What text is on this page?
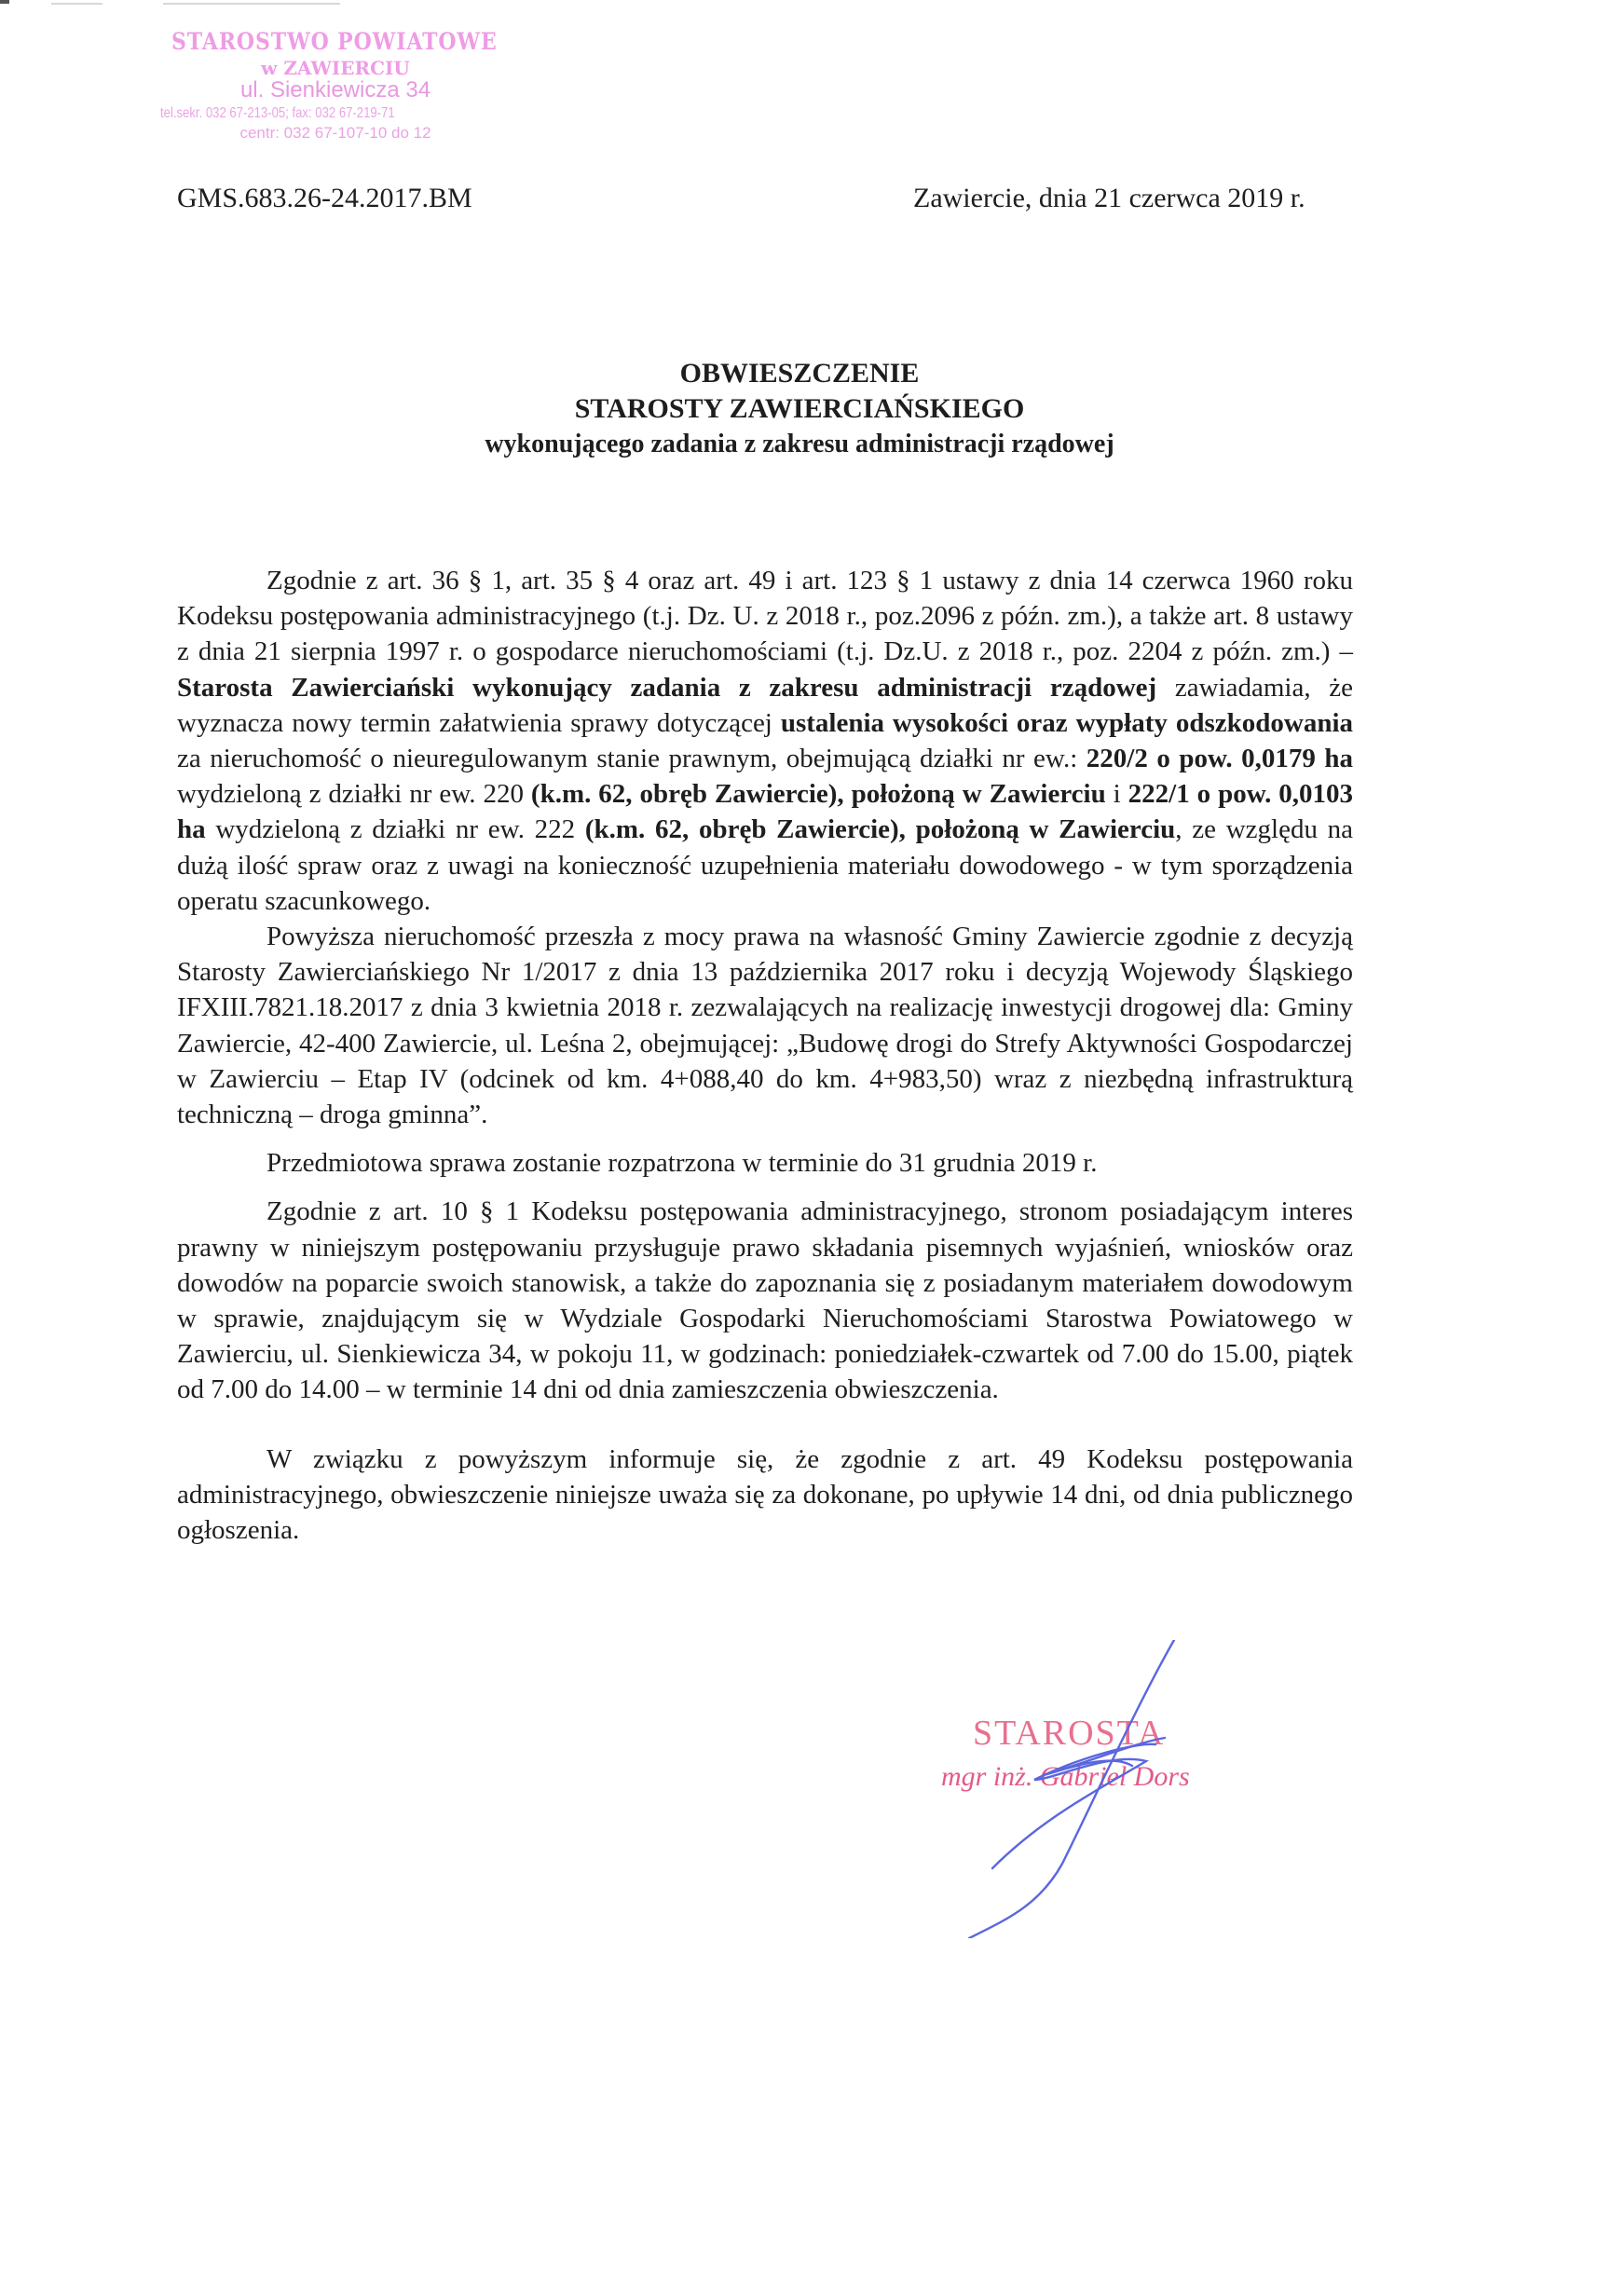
STAROSTWO POWIATOWE
w ZAWIERCIU
ul. Sienkiewicza 34
tel.sekr. 032 67-213-05; fax: 032 67-219-71
centr: 032 67-107-10 do 12
GMS.683.26-24.2017.BM	Zawiercie, dnia 21 czerwca 2019 r.
OBWIESZCZENIE
STAROSTY ZAWIERCIAŃSKIEGO
wykonującego zadania z zakresu administracji rządowej

Zgodnie z art. 36 § 1, art. 35 § 4 oraz art. 49 i art. 123 § 1 ustawy z dnia 14 czerwca 1960 roku Kodeksu postępowania administracyjnego (t.j. Dz. U. z 2018 r., poz.2096 z późn. zm.), a także art. 8 ustawy z dnia 21 sierpnia 1997 r. o gospodarce nieruchomościami (t.j. Dz.U. z 2018 r., poz. 2204 z późn. zm.) – Starosta Zawierciański wykonujący zadania z zakresu administracji rządowej zawiadamia, że wyznacza nowy termin załatwienia sprawy dotyczącej ustalenia wysokości oraz wypłaty odszkodowania za nieruchomość o nieuregulowanym stanie prawnym, obejmującą działki nr ew.: 220/2 o pow. 0,0179 ha wydzieloną z działki nr ew. 220 (k.m. 62, obręb Zawiercie), położoną w Zawierciu i 222/1 o pow. 0,0103 ha wydzieloną z działki nr ew. 222 (k.m. 62, obręb Zawiercie), położoną w Zawierciu, ze względu na dużą ilość spraw oraz z uwagi na konieczność uzupełnienia materiału dowodowego - w tym sporządzenia operatu szacunkowego.

Powyższa nieruchomość przeszła z mocy prawa na własność Gminy Zawiercie zgodnie z decyzją Starosty Zawierciańskiego Nr 1/2017 z dnia 13 października 2017 roku i decyzją Wojewody Śląskiego IFXIII.7821.18.2017 z dnia 3 kwietnia 2018 r. zezwalających na realizację inwestycji drogowej dla: Gminy Zawiercie, 42-400 Zawiercie, ul. Leśna 2, obejmującej: „Budowę drogi do Strefy Aktywności Gospodarczej w Zawierciu – Etap IV (odcinek od km. 4+088,40 do km. 4+983,50) wraz z niezbędną infrastrukturą techniczną – droga gminna”.

Przedmiotowa sprawa zostanie rozpatrzona w terminie do 31 grudnia 2019 r.

Zgodnie z art. 10 § 1 Kodeksu postępowania administracyjnego, stronom posiadającym interes prawny w niniejszym postępowaniu przysługuje prawo składania pisemnych wyjaśnień, wniosków oraz dowodów na poparcie swoich stanowisk, a także do zapoznania się z posiadanym materiałem dowodowym w sprawie, znajdującym się w Wydziale Gospodarki Nieruchomościami Starostwa Powiatowego w Zawierciu, ul. Sienkiewicza 34, w pokoju 11, w godzinach: poniedziałek-czwartek od 7.00 do 15.00, piątek od 7.00 do 14.00 – w terminie 14 dni od dnia zamieszczenia obwieszczenia.

W związku z powyższym informuje się, że zgodnie z art. 49 Kodeksu postępowania administracyjnego, obwieszczenie niniejsze uważa się za dokonane, po upływie 14 dni, od dnia publicznego ogłoszenia.

STAROSTA
mgr inż. Gabriel Dors
